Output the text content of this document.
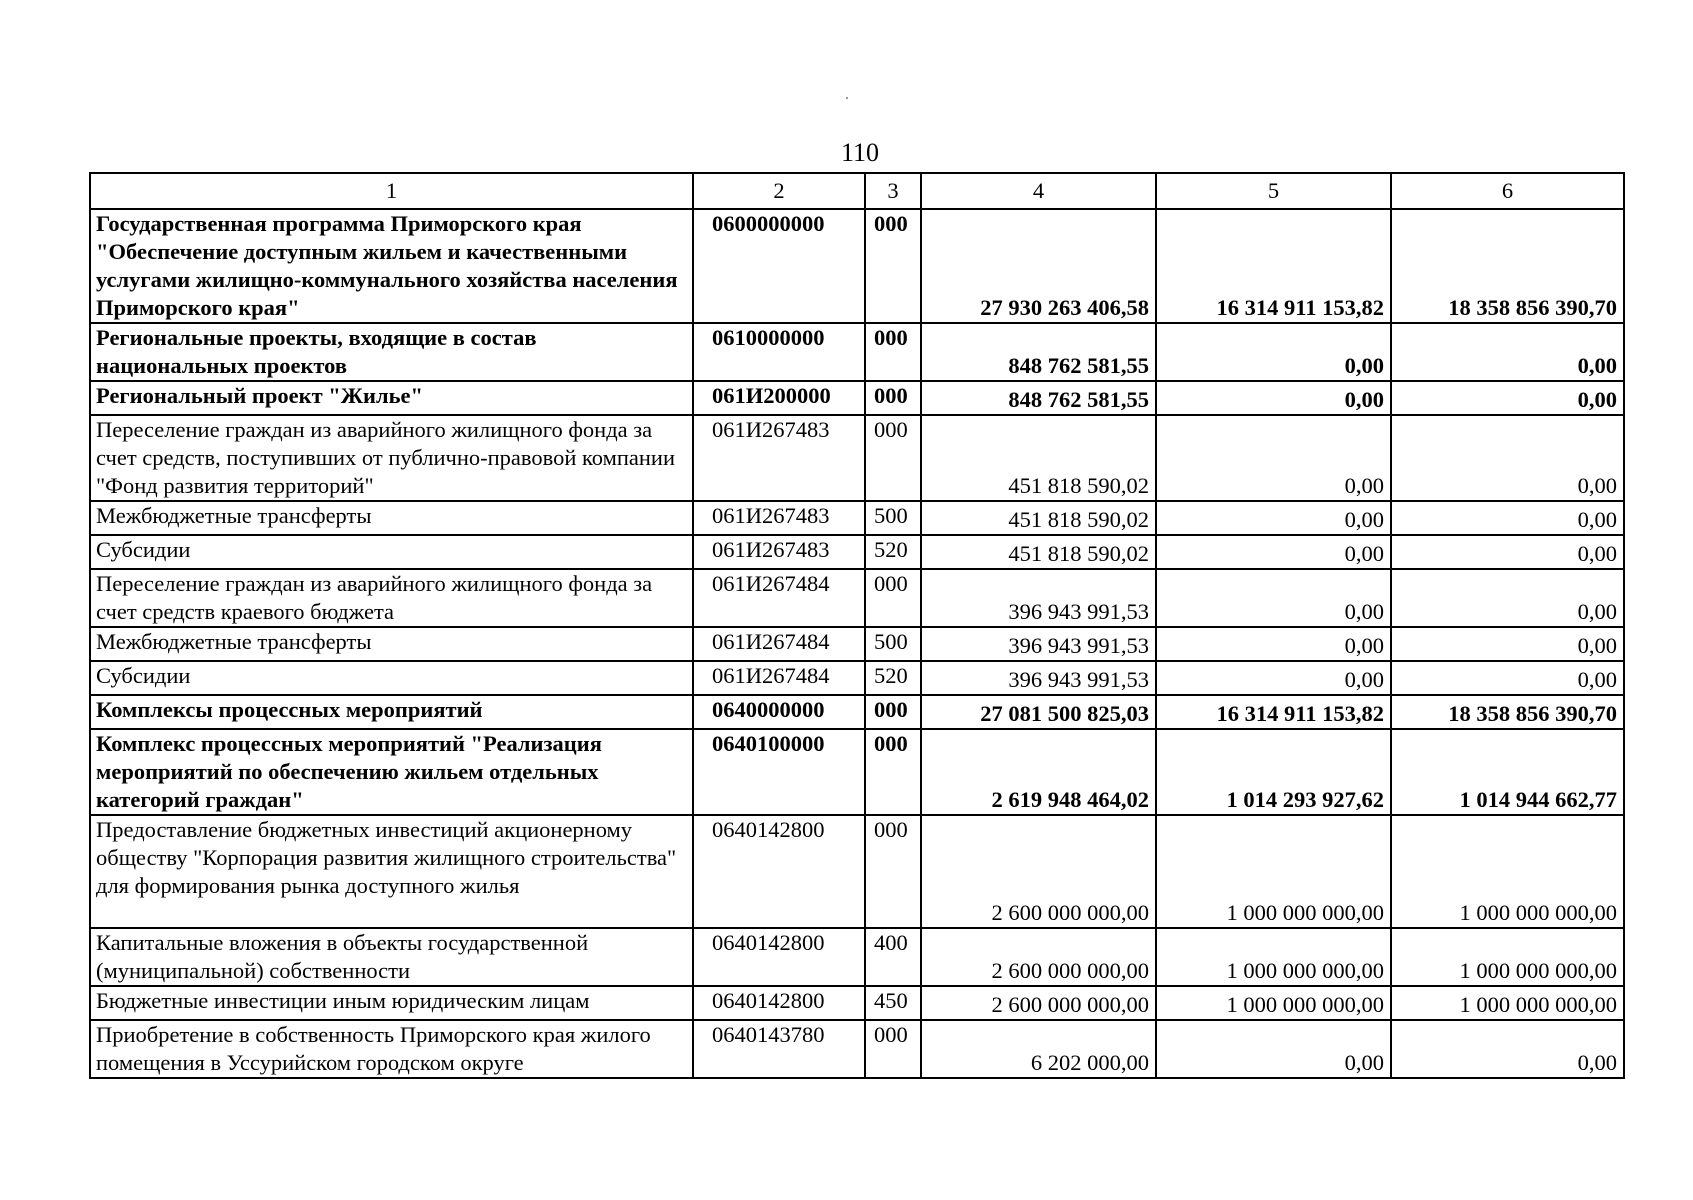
110
1	2	3	4	5	6
Государственная программа Приморского края "Обеспечение доступным жильем и качественными услугами жилищно-коммунального хозяйства населения Приморского края"	0600000000	000	27 930 263 406,58	16 314 911 153,82	18 358 856 390,70
Региональные проекты, входящие в состав национальных проектов	0610000000	000	848 762 581,55	0,00	0,00
Региональный проект "Жилье"	061И200000	000	848 762 581,55	0,00	0,00
Переселение граждан из аварийного жилищного фонда за счет средств, поступивших от публично-правовой компании "Фонд развития территорий"	061И267483	000	451 818 590,02	0,00	0,00
Межбюджетные трансферты	061И267483	500	451 818 590,02	0,00	0,00
Субсидии	061И267483	520	451 818 590,02	0,00	0,00
Переселение граждан из аварийного жилищного фонда за счет средств краевого бюджета	061И267484	000	396 943 991,53	0,00	0,00
Межбюджетные трансферты	061И267484	500	396 943 991,53	0,00	0,00
Субсидии	061И267484	520	396 943 991,53	0,00	0,00
Комплексы процессных мероприятий	0640000000	000	27 081 500 825,03	16 314 911 153,82	18 358 856 390,70
Комплекс процессных мероприятий "Реализация мероприятий по обеспечению жильем отдельных категорий граждан"	0640100000	000	2 619 948 464,02	1 014 293 927,62	1 014 944 662,77
Предоставление бюджетных инвестиций акционерному обществу "Корпорация развития жилищного строительства" для формирования рынка доступного жилья	0640142800	000	2 600 000 000,00	1 000 000 000,00	1 000 000 000,00
Капитальные вложения в объекты государственной (муниципальной) собственности	0640142800	400	2 600 000 000,00	1 000 000 000,00	1 000 000 000,00
Бюджетные инвестиции иным юридическим лицам	0640142800	450	2 600 000 000,00	1 000 000 000,00	1 000 000 000,00
Приобретение в собственность Приморского края жилого помещения в Уссурийском городском округе	0640143780	000	6 202 000,00	0,00	0,00
